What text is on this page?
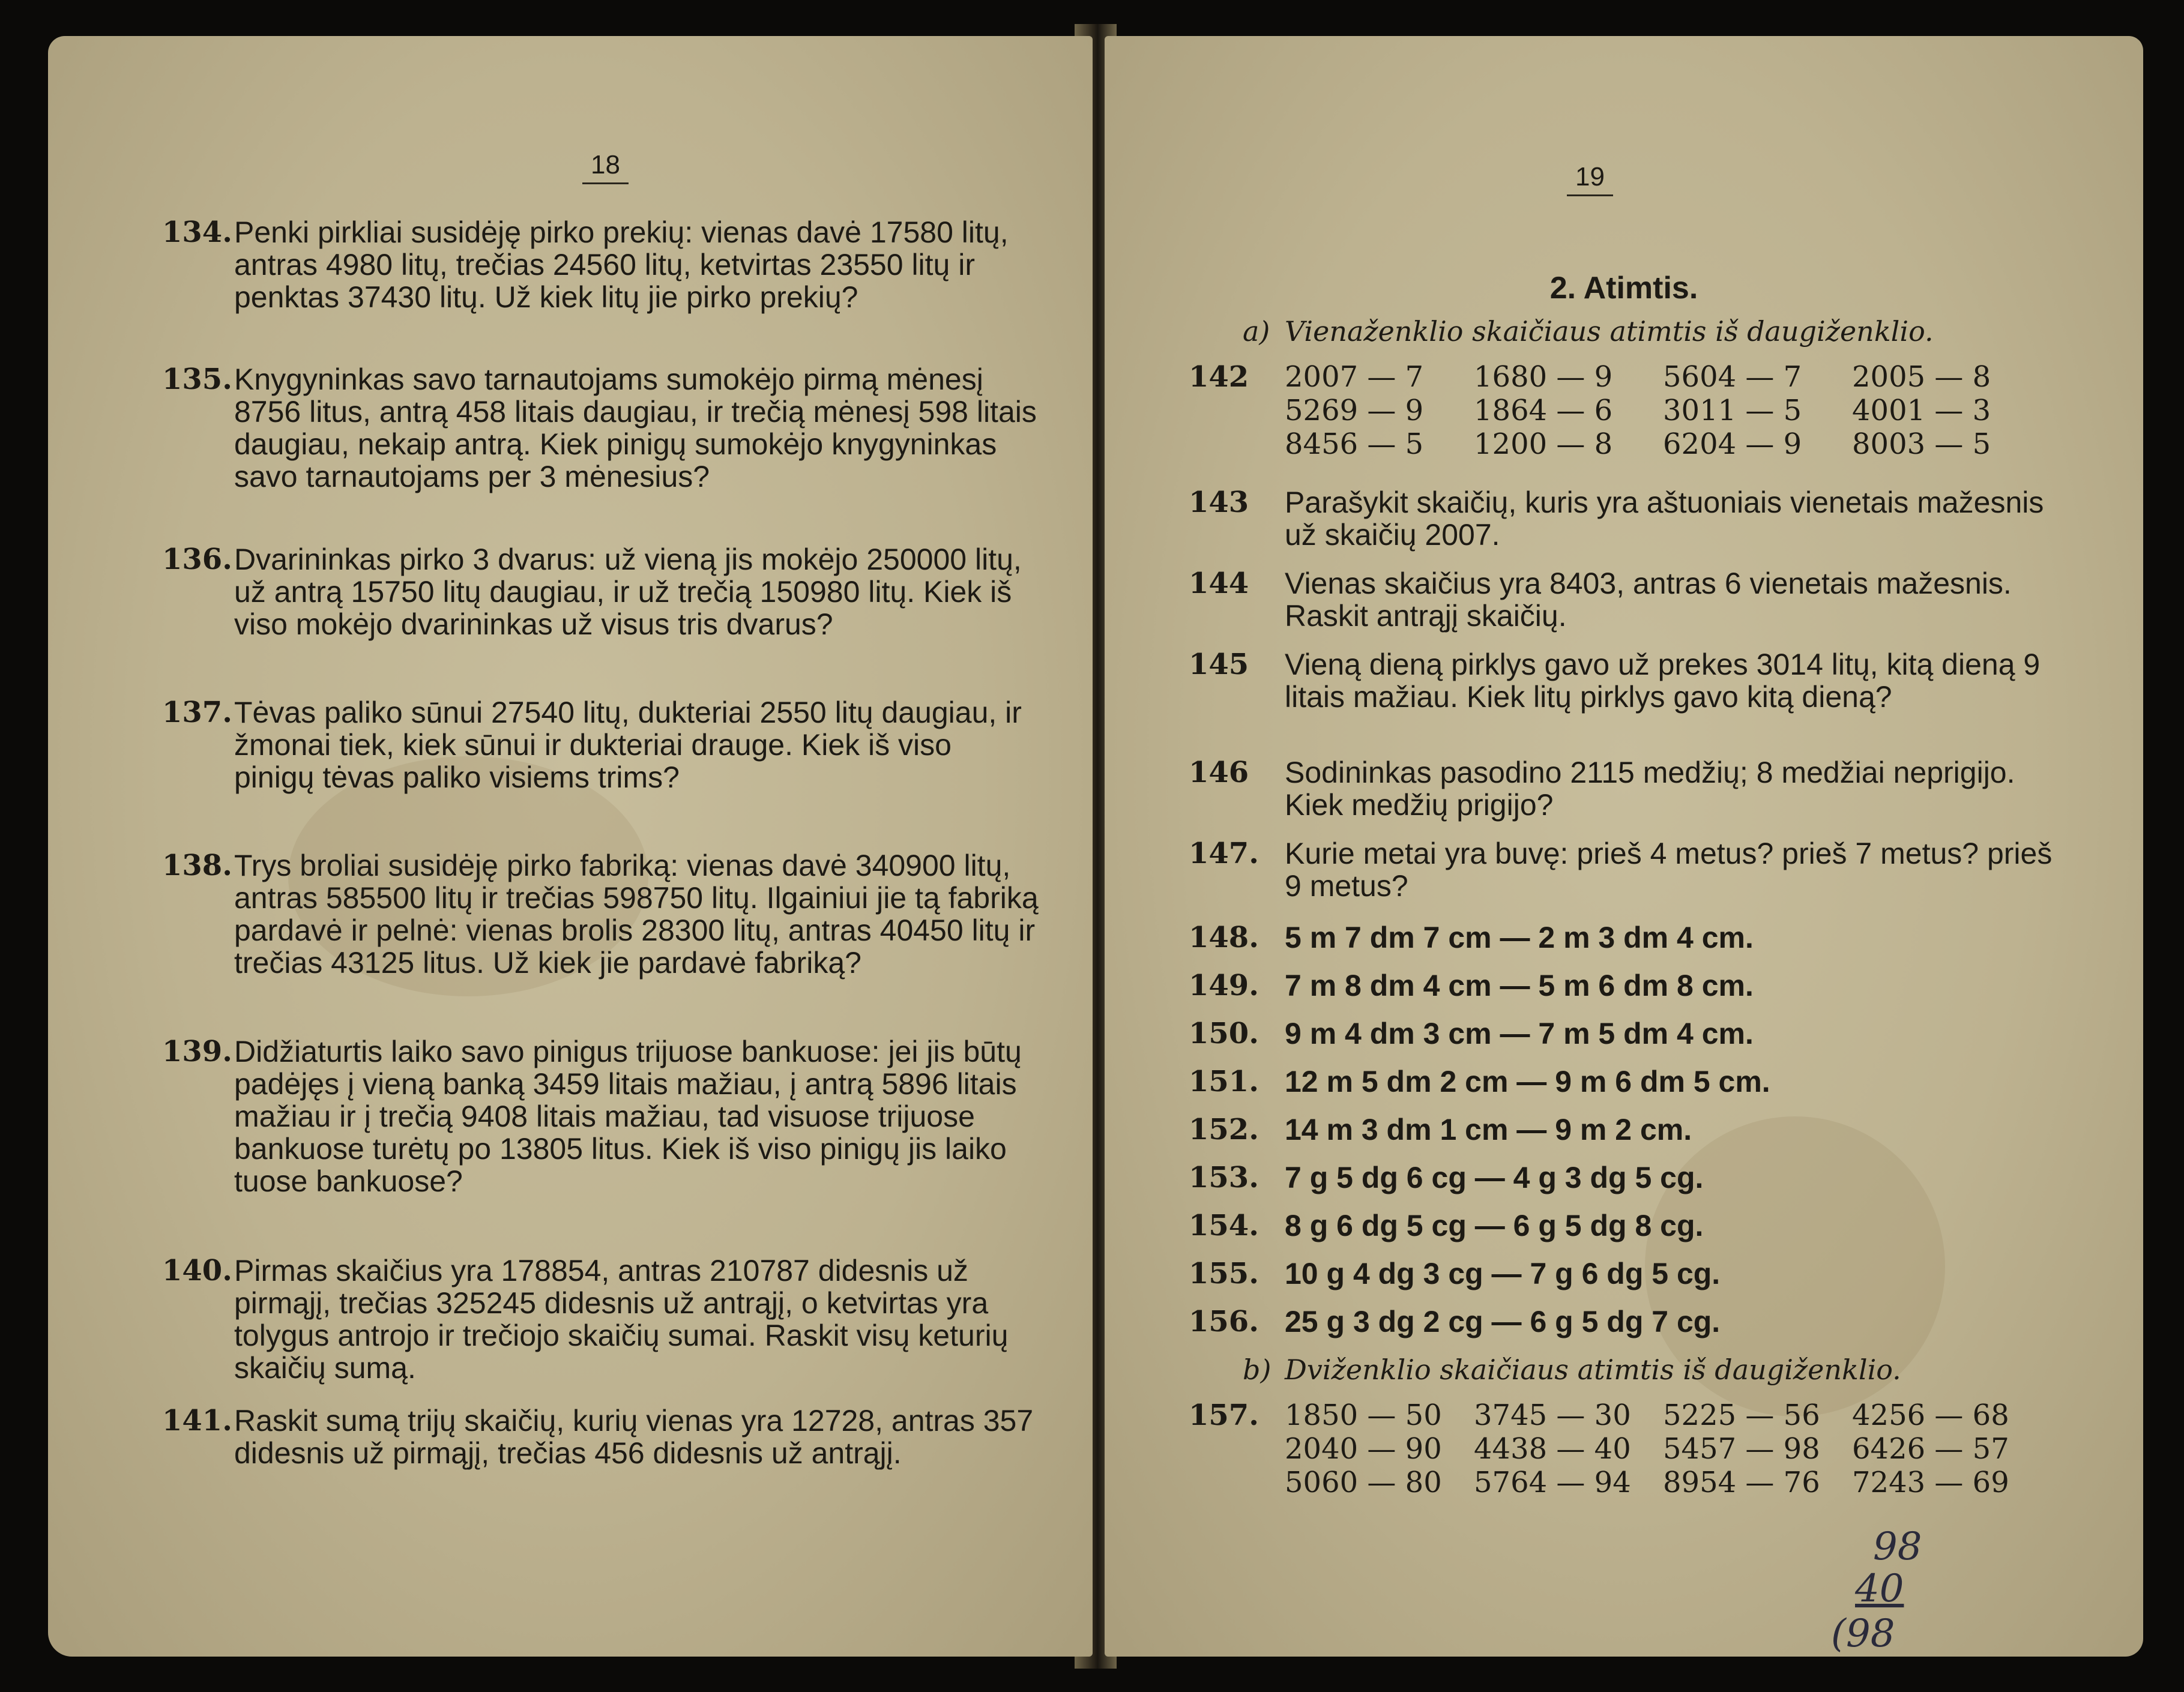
18
134. Penki pirkliai susidėję pirko prekių: vienas davė 17580 litų, antras 4980 litų, trečias 24560 litų, ketvirtas 23550 litų ir penktas 37430 litų. Už kiek litų jie pirko prekių?
135. Knygyninkas savo tarnautojams sumokėjo pirmą mėnesį 8756 litus, antrą 458 litais daugiau, ir trečią mėnesį 598 litais daugiau, nekaip antrą. Kiek pinigų sumokėjo knygyninkas savo tarnautojams per 3 mėnesius?
136. Dvarininkas pirko 3 dvarus: už vieną jis mokėjo 250000 litų, už antrą 15750 litų daugiau, ir už trečią 150980 litų. Kiek iš viso mokėjo dvarininkas už visus tris dvarus?
137. Tėvas paliko sūnui 27540 litų, dukteriai 2550 litų daugiau, ir žmonai tiek, kiek sūnui ir dukteriai drauge. Kiek iš viso pinigų tėvas paliko visiems trims?
138. Trys broliai susidėję pirko fabriką: vienas davė 340900 litų, antras 585500 litų ir trečias 598750 litų. Ilgainiui jie tą fabriką pardavė ir pelnė: vienas brolis 28300 litų, antras 40450 litų ir trečias 43125 litus. Už kiek jie pardavė fabriką?
139. Didžiaturtis laiko savo pinigus trijuose bankuose: jei jis būtų padėjęs į vieną banką 3459 litais mažiau, į antrą 5896 litais mažiau ir į trečią 9408 litais mažiau, tad visuose trijuose bankuose turėtų po 13805 litus. Kiek iš viso pinigų jis laiko tuose bankuose?
140. Pirmas skaičius yra 178854, antras 210787 didesnis už pirmąjį, trečias 325245 didesnis už antrąjį, o ketvirtas yra tolygus antrojo ir trečiojo skaičių sumai. Raskit visų keturių skaičių sumą.
141. Raskit sumą trijų skaičių, kurių vienas yra 12728, antras 357 didesnis už pirmąjį, trečias 456 didesnis už antrąjį.
19
2. Atimtis.
a) Vienaženklio skaičiaus atimtis iš daugiženklio.
142 2007 — 7	1680 — 9	5604 — 7	2005 — 8
5269 — 9	1864 — 6	3011 — 5	4001 — 3
8456 — 5	1200 — 8	6204 — 9	8003 — 5
143 Parašykit skaičių, kuris yra aštuoniais vienetais mažesnis už skaičių 2007.
144 Vienas skaičius yra 8403, antras 6 vienetais mažesnis. Raskit antrąjį skaičių.
145 Vieną dieną pirklys gavo už prekes 3014 litų, kitą dieną 9 litais mažiau. Kiek litų pirklys gavo kitą dieną?
146 Sodininkas pasodino 2115 medžių; 8 medžiai neprigijo. Kiek medžių prigijo?
147. Kurie metai yra buvę: prieš 4 metus? prieš 7 metus? prieš 9 metus?
148. 5 m 7 dm 7 cm — 2 m 3 dm 4 cm.
149. 7 m 8 dm 4 cm — 5 m 6 dm 8 cm.
150. 9 m 4 dm 3 cm — 7 m 5 dm 4 cm.
151. 12 m 5 dm 2 cm — 9 m 6 dm 5 cm.
152. 14 m 3 dm 1 cm — 9 m 2 cm.
153. 7 g 5 dg 6 cg — 4 g 3 dg 5 cg.
154. 8 g 6 dg 5 cg — 6 g 5 dg 8 cg.
155. 10 g 4 dg 3 cg — 7 g 6 dg 5 cg.
156. 25 g 3 dg 2 cg — 6 g 5 dg 7 cg.
b) Dviženklio skaičiaus atimtis iš daugiženklio.
157. 1850 — 50	3745 — 30	5225 — 56	4256 — 68
2040 — 90	4438 — 40	5457 — 98	6426 — 57
5060 — 80	5764 — 94	8954 — 76	7243 — 69
98
40
(98
